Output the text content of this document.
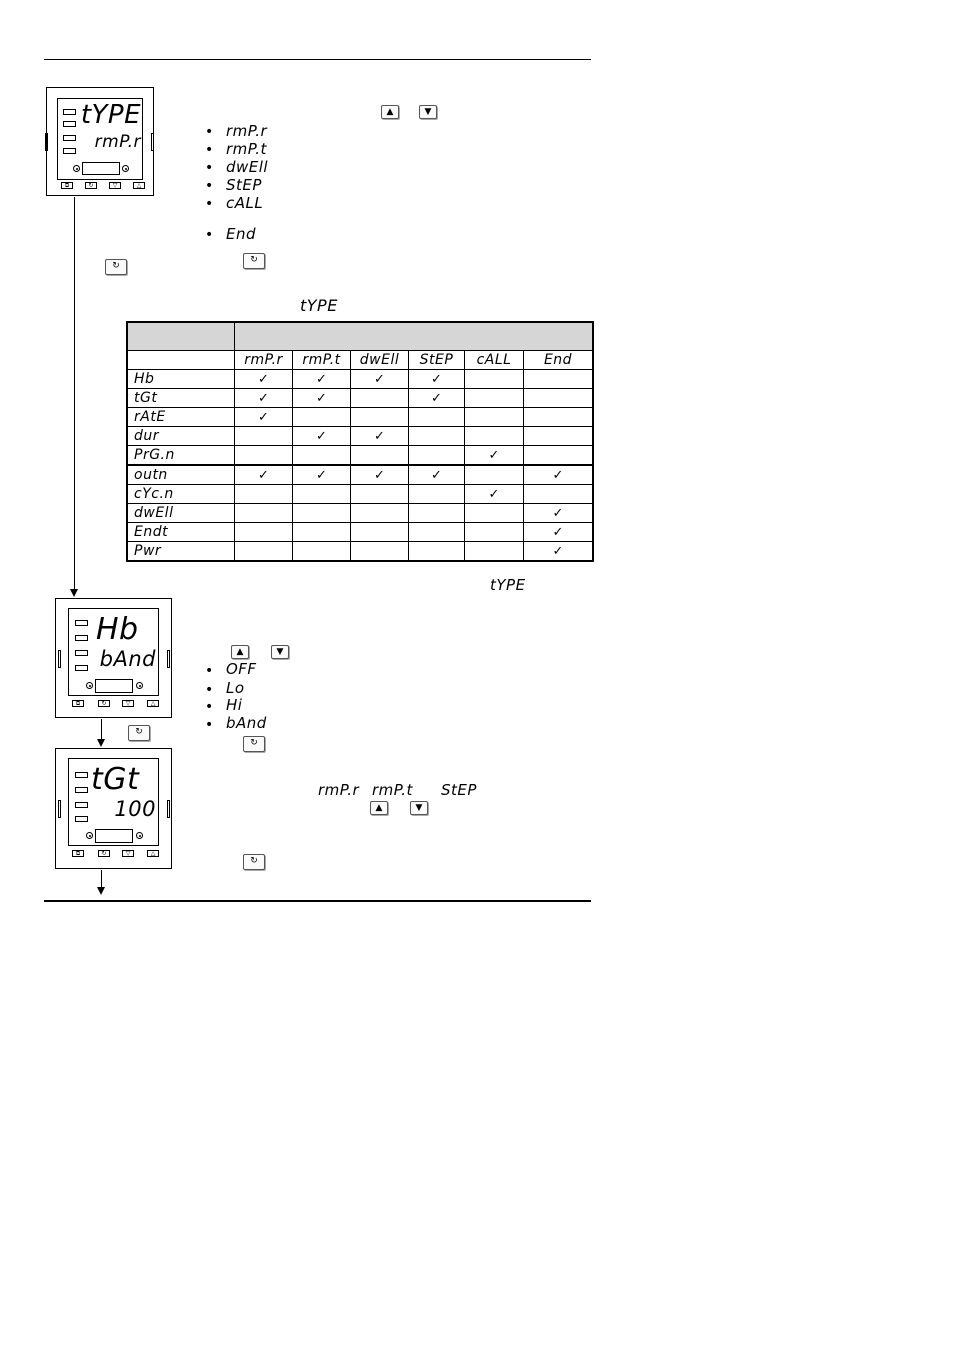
tYPE
rmP.r
⧉	↻	▽	△
▲	▼
• rmP.r
• rmP.t
• dwEll
• StEP
• cALL
• End
↻
↻
tYPE

	rmP.r	rmP.t	dwEll	StEP	cALL	End
Hb	✓	✓	✓	✓		
tGt	✓	✓		✓		
rAtE	✓					
dur		✓	✓			
PrG.n					✓	
outn	✓	✓	✓	✓		✓
cYc.n					✓	
dwEll						✓
Endt						✓
Pwr						✓
tYPE
Hb
bAnd
⧉	↻	▽	△
▲	▼
• OFF
• Lo
• Hi
• bAnd
↻
↻
tGt
100
⧉	↻	▽	△
rmP.r rmP.t StEP
▲	▼
↻
